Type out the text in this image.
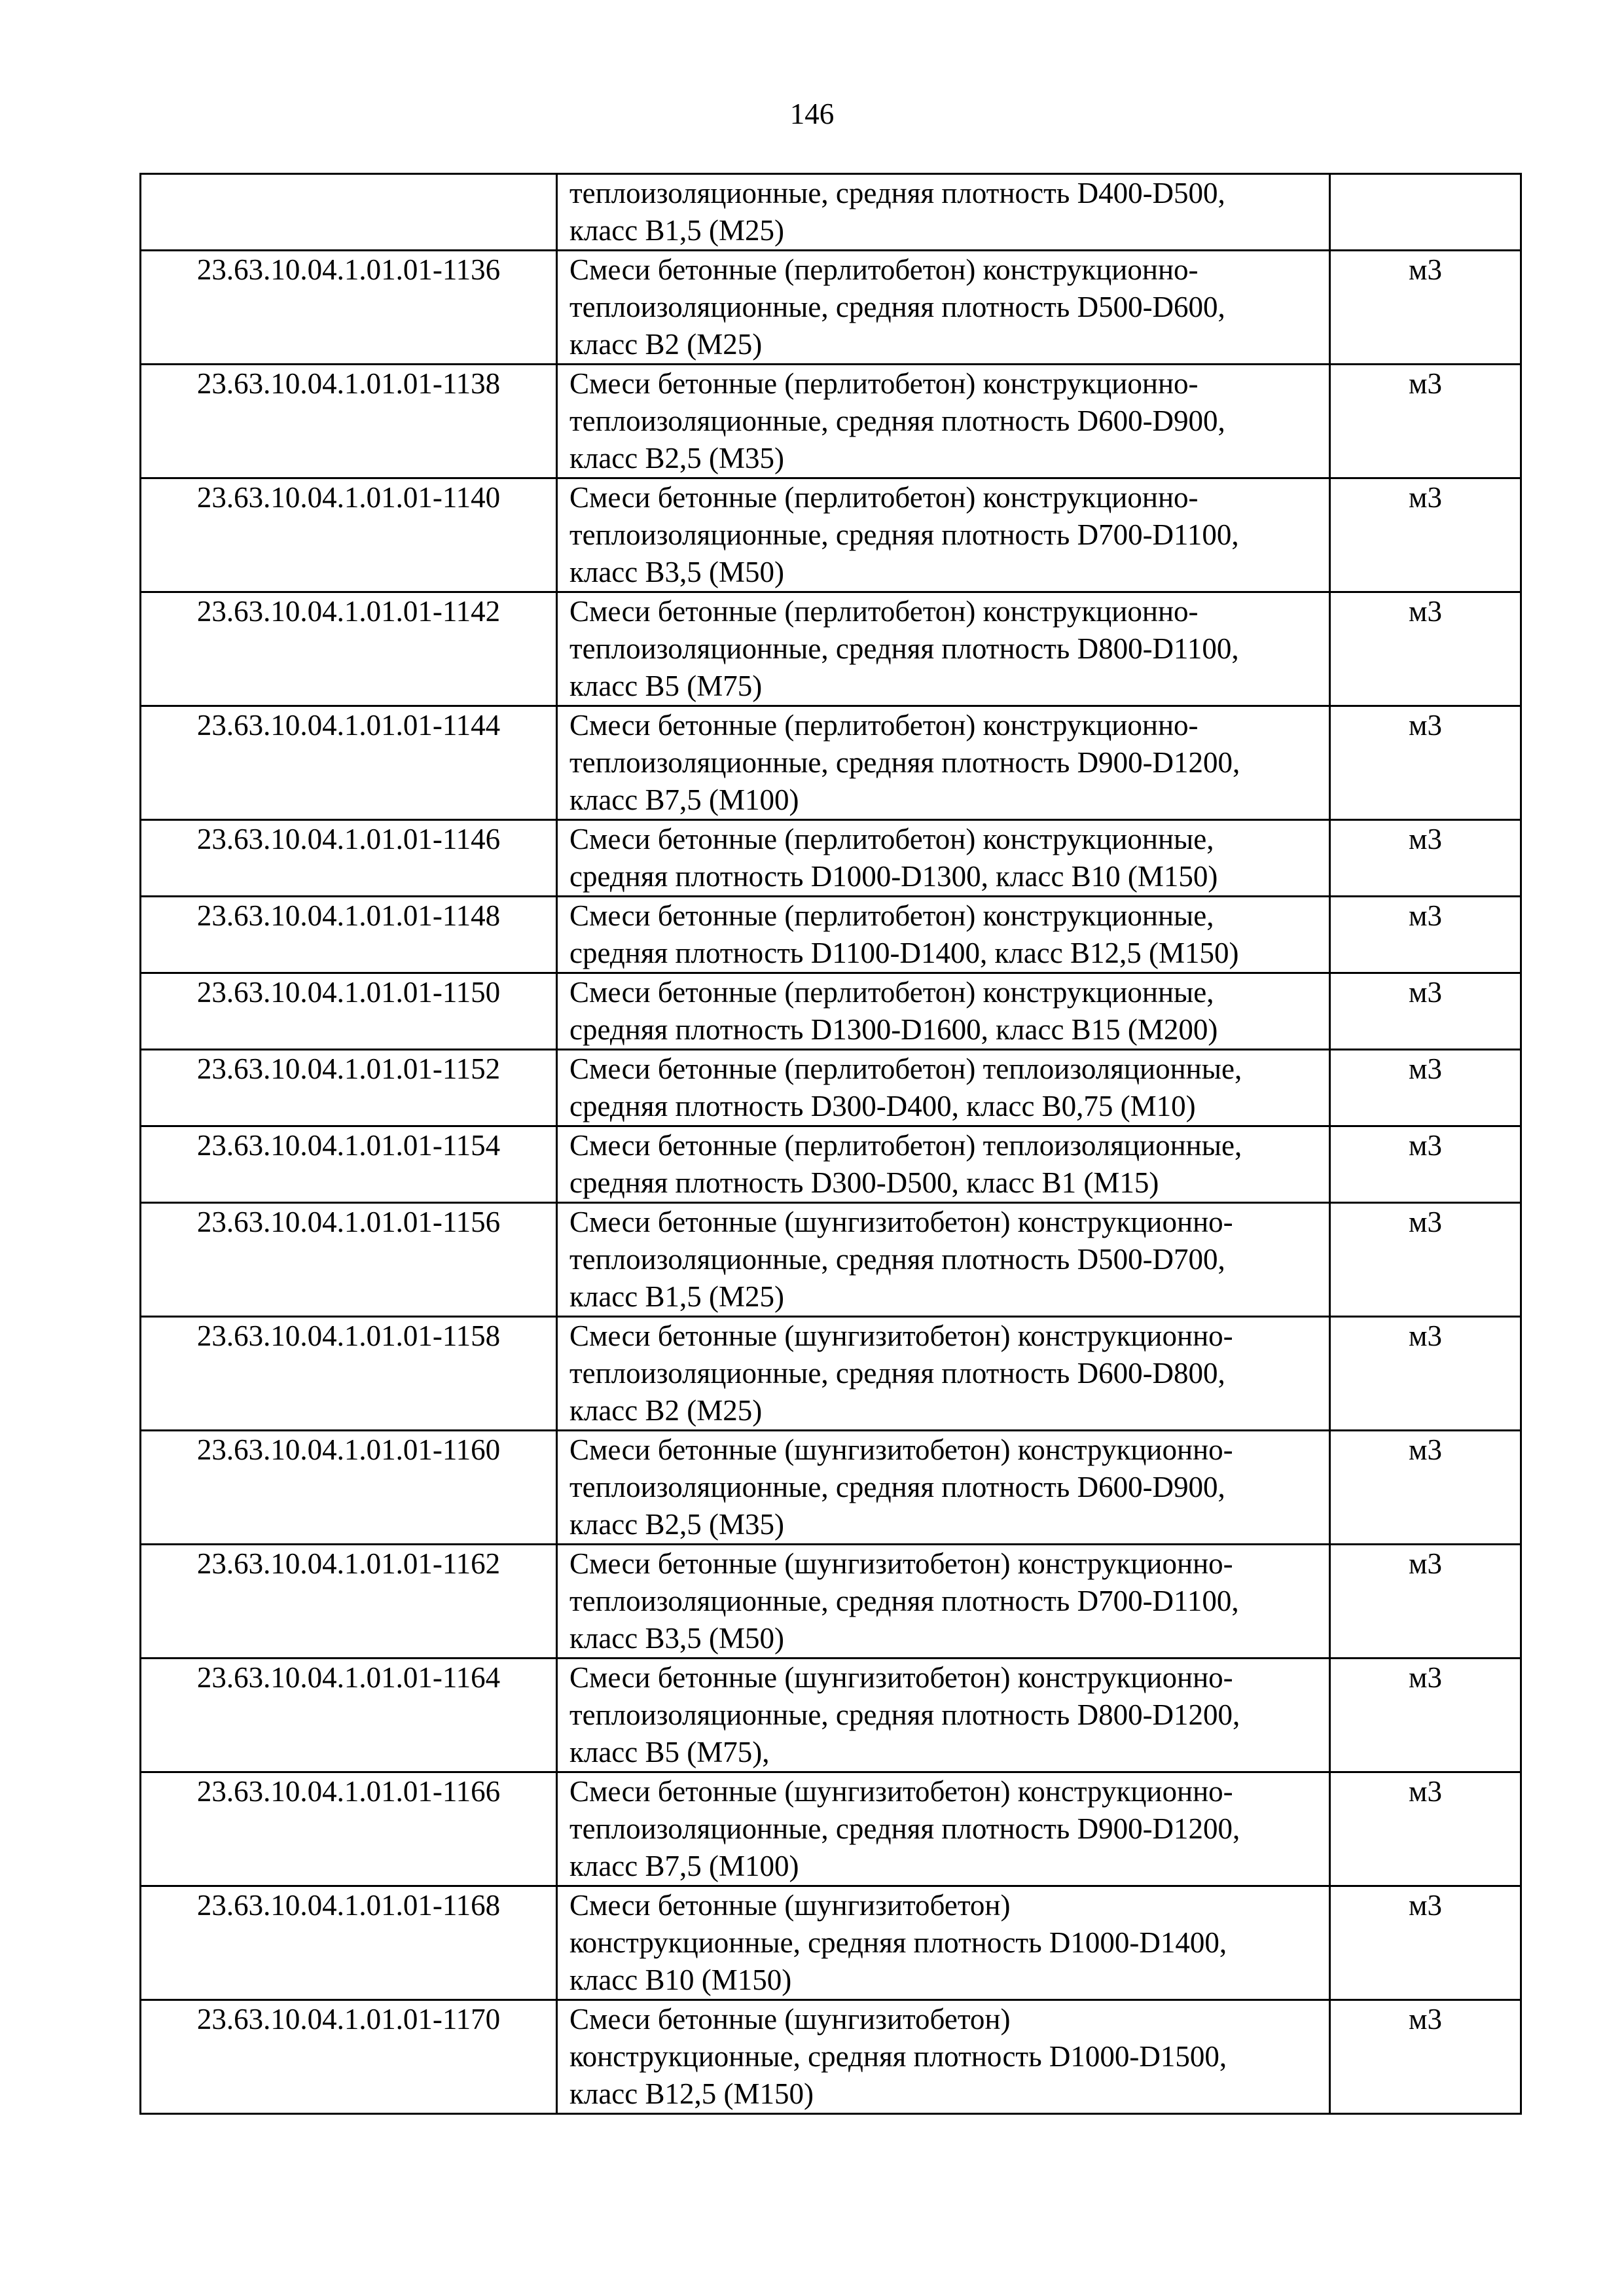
146

	теплоизоляционные, средняя плотность D400-D500,
класс B1,5 (M25)	

23.63.10.04.1.01.01-1136	Смеси бетонные (перлитобетон) конструкционно-
теплоизоляционные, средняя плотность D500-D600,
класс B2 (M25)	м3
23.63.10.04.1.01.01-1138	Смеси бетонные (перлитобетон) конструкционно-
теплоизоляционные, средняя плотность D600-D900,
класс B2,5 (M35)	м3
23.63.10.04.1.01.01-1140	Смеси бетонные (перлитобетон) конструкционно-
теплоизоляционные, средняя плотность D700-D1100,
класс B3,5 (M50)	м3
23.63.10.04.1.01.01-1142	Смеси бетонные (перлитобетон) конструкционно-
теплоизоляционные, средняя плотность D800-D1100,
класс B5 (M75)	м3
23.63.10.04.1.01.01-1144	Смеси бетонные (перлитобетон) конструкционно-
теплоизоляционные, средняя плотность D900-D1200,
класс B7,5 (M100)	м3
23.63.10.04.1.01.01-1146	Смеси бетонные (перлитобетон) конструкционные,
средняя плотность D1000-D1300, класс B10 (M150)	м3
23.63.10.04.1.01.01-1148	Смеси бетонные (перлитобетон) конструкционные,
средняя плотность D1100-D1400, класс B12,5 (M150)	м3
23.63.10.04.1.01.01-1150	Смеси бетонные (перлитобетон) конструкционные,
средняя плотность D1300-D1600, класс B15 (M200)	м3
23.63.10.04.1.01.01-1152	Смеси бетонные (перлитобетон) теплоизоляционные,
средняя плотность D300-D400, класс B0,75 (M10)	м3
23.63.10.04.1.01.01-1154	Смеси бетонные (перлитобетон) теплоизоляционные,
средняя плотность D300-D500, класс B1 (M15)	м3
23.63.10.04.1.01.01-1156	Смеси бетонные (шунгизитобетон) конструкционно-
теплоизоляционные, средняя плотность D500-D700,
класс B1,5 (M25)	м3
23.63.10.04.1.01.01-1158	Смеси бетонные (шунгизитобетон) конструкционно-
теплоизоляционные, средняя плотность D600-D800,
класс B2 (M25)	м3
23.63.10.04.1.01.01-1160	Смеси бетонные (шунгизитобетон) конструкционно-
теплоизоляционные, средняя плотность D600-D900,
класс B2,5 (M35)	м3
23.63.10.04.1.01.01-1162	Смеси бетонные (шунгизитобетон) конструкционно-
теплоизоляционные, средняя плотность D700-D1100,
класс B3,5 (M50)	м3
23.63.10.04.1.01.01-1164	Смеси бетонные (шунгизитобетон) конструкционно-
теплоизоляционные, средняя плотность D800-D1200,
класс B5 (M75),	м3
23.63.10.04.1.01.01-1166	Смеси бетонные (шунгизитобетон) конструкционно-
теплоизоляционные, средняя плотность D900-D1200,
класс B7,5 (M100)	м3
23.63.10.04.1.01.01-1168	Смеси бетонные (шунгизитобетон)
конструкционные, средняя плотность D1000-D1400,
класс B10 (M150)	м3
23.63.10.04.1.01.01-1170	Смеси бетонные (шунгизитобетон)
конструкционные, средняя плотность D1000-D1500,
класс B12,5 (M150)	м3
